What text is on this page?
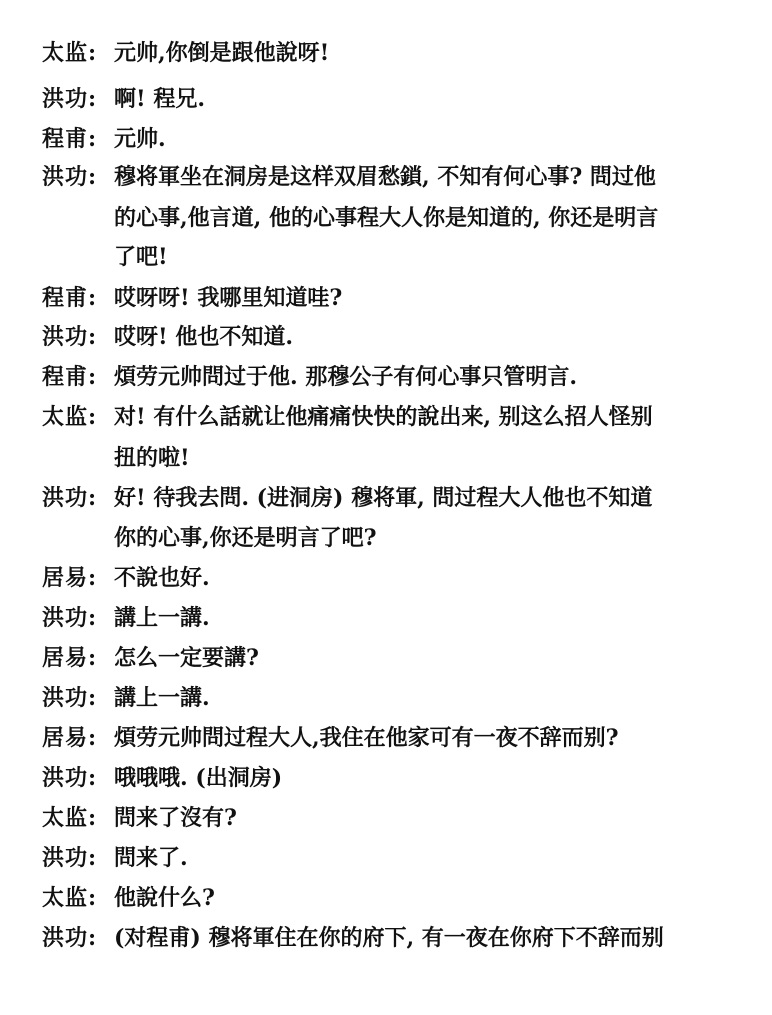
太监: 元帅,你倒是跟他說呀!
洪功: 啊! 程兄.
程甫: 元帅.
洪功: 穆将軍坐在洞房是这样双眉愁鎖, 不知有何心事? 問过他
的心事,他言道, 他的心事程大人你是知道的, 你还是明言
了吧!
程甫: 哎呀呀! 我哪里知道哇?
洪功: 哎呀! 他也不知道.
程甫: 煩劳元帅問过于他. 那穆公子有何心事只管明言.
太监: 对! 有什么話就让他痛痛快快的說出来, 别这么招人怪别
扭的啦!
洪功: 好! 待我去問. (进洞房) 穆将軍, 問过程大人他也不知道
你的心事,你还是明言了吧?
居易: 不說也好.
洪功: 講上一講.
居易: 怎么一定要講?
洪功: 講上一講.
居易: 煩劳元帅問过程大人,我住在他家可有一夜不辞而别?
洪功: 哦哦哦. (出洞房)
太监: 問来了沒有?
洪功: 問来了.
太监: 他說什么?
洪功: (对程甫) 穆将軍住在你的府下, 有一夜在你府下不辞而别
